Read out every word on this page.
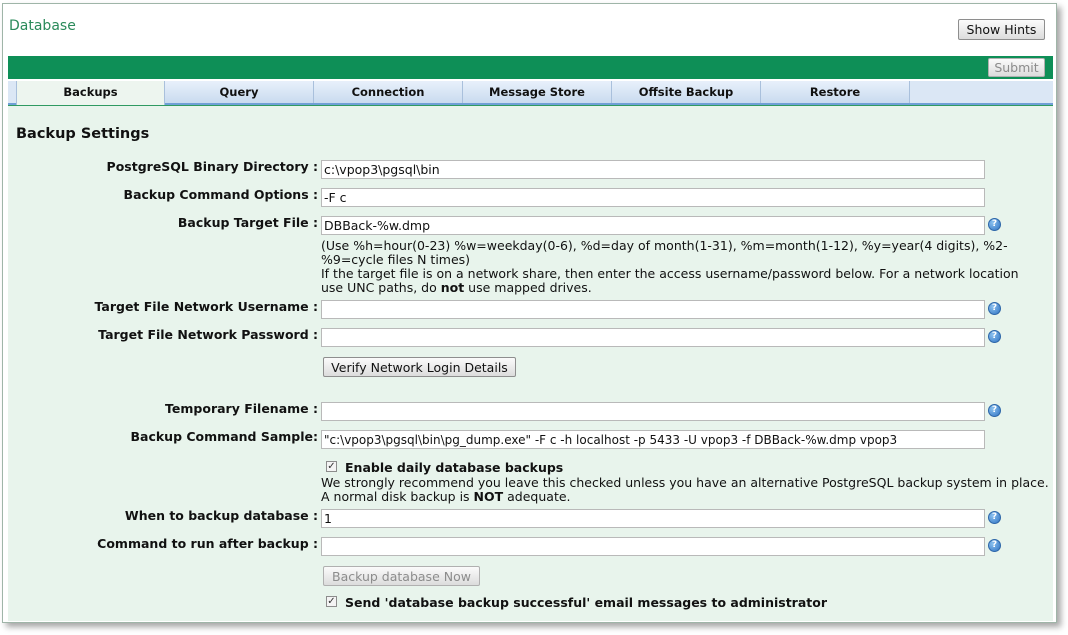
Database	Show Hints
Submit
Backups	Query	Connection	Message Store	Offsite Backup	Restore
Backup Settings
PostgreSQL Binary Directory :
c:\vpop3\pgsql\bin
Backup Command Options :
-F c
Backup Target File :
DBBack-%w.dmp	?
(Use %h=hour(0-23) %w=weekday(0-6), %d=day of month(1-31), %m=month(1-12), %y=year(4 digits), %2-%9=cycle files N times)
If the target file is on a network share, then enter the access username/password below. For a network location use UNC paths, do not use mapped drives.
Target File Network Username :	?
Target File Network Password :	?
Verify Network Login Details
Temporary Filename :	?
Backup Command Sample:
"c:\vpop3\pgsql\bin\pg_dump.exe" -F c -h localhost -p 5433 -U vpop3 -f DBBack-%w.dmp vpop3
✓ Enable daily database backups
We strongly recommend you leave this checked unless you have an alternative PostgreSQL backup system in place.
A normal disk backup is NOT adequate.
When to backup database :
1	?
Command to run after backup :	?
Backup database Now
✓ Send 'database backup successful' email messages to administrator
